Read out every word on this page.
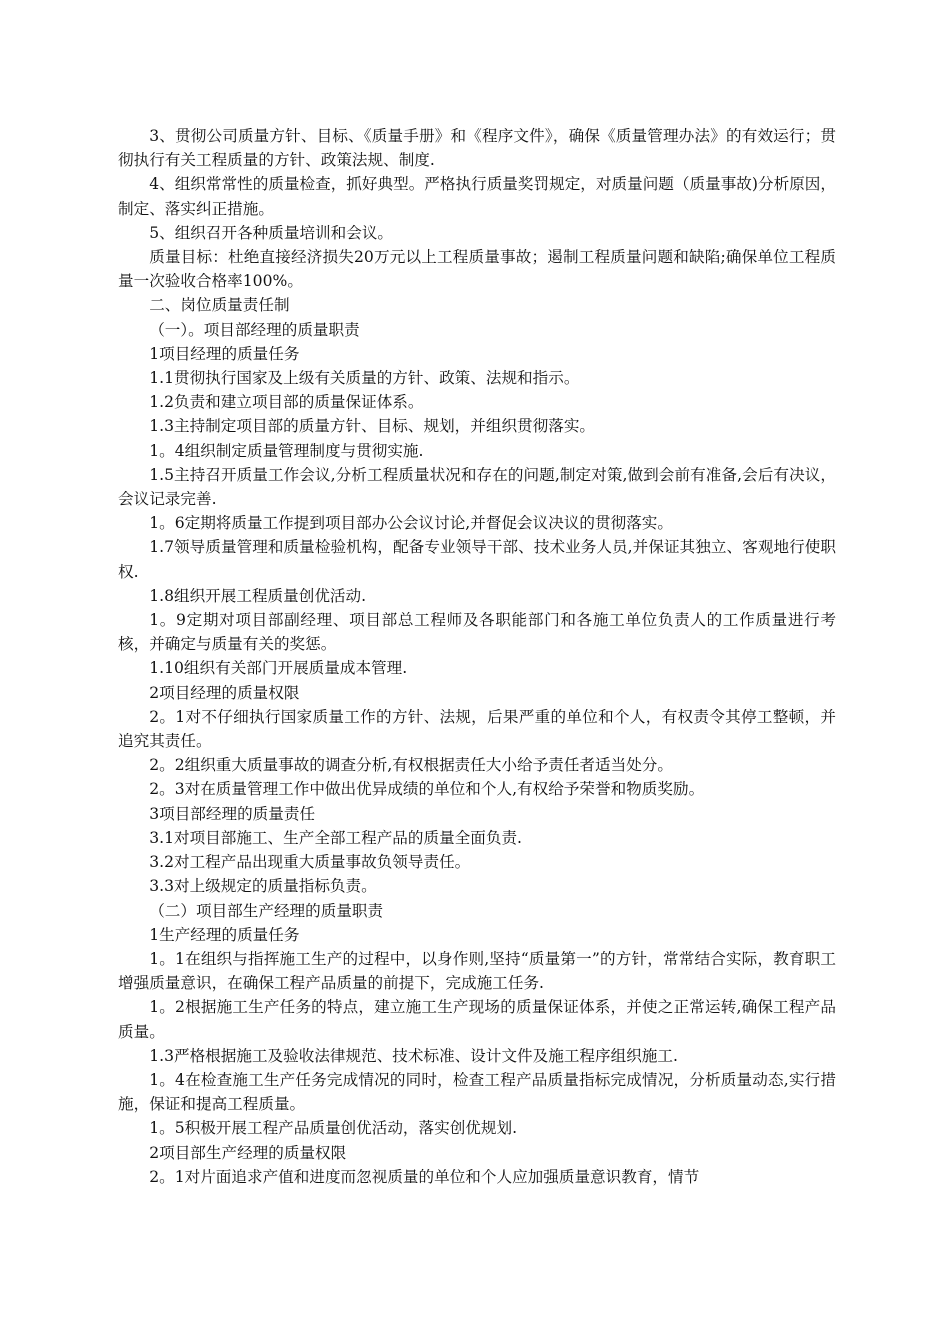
3、贯彻公司质量方针、目标、《质量手册》和《程序文件》，确保《质量管理办法》的有效运行；贯彻执行有关工程质量的方针、政策法规、制度.

4、组织常常性的质量检查，抓好典型。严格执行质量奖罚规定，对质量问题（质量事故)分析原因，制定、落实纠正措施。

5、组织召开各种质量培训和会议。

质量目标：杜绝直接经济损失20万元以上工程质量事故；遏制工程质量问题和缺陷;确保单位工程质量一次验收合格率100%。

二、岗位质量责任制

（一）。项目部经理的质量职责

1项目经理的质量任务

1.1贯彻执行国家及上级有关质量的方针、政策、法规和指示。

1.2负责和建立项目部的质量保证体系。

1.3主持制定项目部的质量方针、目标、规划，并组织贯彻落实。

1。4组织制定质量管理制度与贯彻实施.

1.5主持召开质量工作会议,分析工程质量状况和存在的问题,制定对策,做到会前有准备,会后有决议，会议记录完善.

1。6定期将质量工作提到项目部办公会议讨论,并督促会议决议的贯彻落实。

1.7领导质量管理和质量检验机构，配备专业领导干部、技术业务人员,并保证其独立、客观地行使职权.

1.8组织开展工程质量创优活动.

1。9定期对项目部副经理、项目部总工程师及各职能部门和各施工单位负责人的工作质量进行考核，并确定与质量有关的奖惩。

1.10组织有关部门开展质量成本管理.

2项目经理的质量权限

2。1对不仔细执行国家质量工作的方针、法规，后果严重的单位和个人，有权责令其停工整顿，并追究其责任。

2。2组织重大质量事故的调查分析,有权根据责任大小给予责任者适当处分。

2。3对在质量管理工作中做出优异成绩的单位和个人,有权给予荣誉和物质奖励。

3项目部经理的质量责任

3.1对项目部施工、生产全部工程产品的质量全面负责.

3.2对工程产品出现重大质量事故负领导责任。

3.3对上级规定的质量指标负责。

（二）项目部生产经理的质量职责

1生产经理的质量任务

1。1在组织与指挥施工生产的过程中，以身作则,坚持“质量第一”的方针，常常结合实际，教育职工增强质量意识，在确保工程产品质量的前提下，完成施工任务.

1。2根据施工生产任务的特点，建立施工生产现场的质量保证体系，并使之正常运转,确保工程产品质量。

1.3严格根据施工及验收法律规范、技术标准、设计文件及施工程序组织施工.

1。4在检查施工生产任务完成情况的同时，检查工程产品质量指标完成情况，分析质量动态,实行措施，保证和提高工程质量。

1。5积极开展工程产品质量创优活动，落实创优规划.

2项目部生产经理的质量权限

2。1对片面追求产值和进度而忽视质量的单位和个人应加强质量意识教育，情节
